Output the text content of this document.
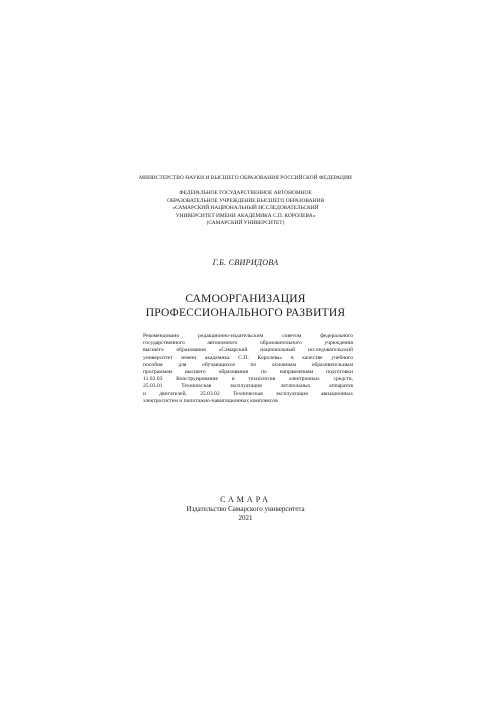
МИНИСТЕРСТВО НАУКИ И ВЫСШЕГО ОБРАЗОВАНИЯ РОССИЙСКОЙ ФЕДЕРАЦИИ
ФЕДЕРАЛЬНОЕ ГОСУДАРСТВЕННОЕ АВТОНОМНОЕ
ОБРАЗОВАТЕЛЬНОЕ УЧРЕЖДЕНИЕ ВЫСШЕГО ОБРАЗОВАНИЯ
«САМАРСКИЙ НАЦИОНАЛЬНЫЙ ИССЛЕДОВАТЕЛЬСКИЙ
УНИВЕРСИТЕТ ИМЕНИ АКАДЕМИКА С.П. КОРОЛЕВА»
(САМАРСКИЙ УНИВЕРСИТЕТ)
Г.Б. СВИРИДОВА
САМООРГАНИЗАЦИЯ
ПРОФЕССИОНАЛЬНОГО РАЗВИТИЯ
Рекомендовано редакционно-издательским советом федерального
государственного автономного образовательного учреждения
высшего образования «Самарский национальный исследовательский
университет имени академика С.П. Королева» в качестве учебного
пособия для обучающихся по основным образовательным
программам высшего образования по направлениям подготовки
11.03.03 Конструирование и технология электронных средств,
25.03.01 Техническая эксплуатация летательных аппаратов
и двигателей, 25.03.02 Техническая эксплуатация авиационных
электросистем и пилотажно-навигационных комплексов
САМАРА
Издательство Самарского университета
2021
